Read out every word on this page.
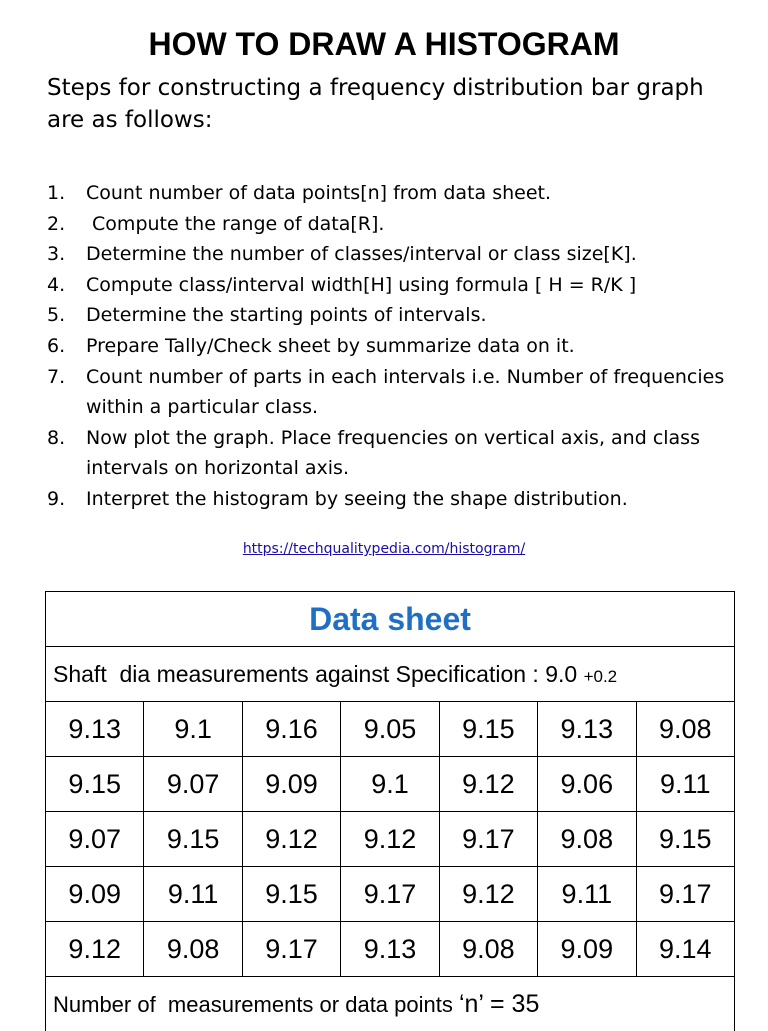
HOW TO DRAW A HISTOGRAM
Steps for constructing a frequency distribution bar graph are as follows:
1.	Count number of data points[n] from data sheet.
2.	Compute the range of data[R].
3.	Determine the number of classes/interval or class size[K].
4.	Compute class/interval width[H] using formula [ H = R/K ]
5.	Determine the starting points of intervals.
6.	Prepare Tally/Check sheet by summarize data on it.
7.	Count number of parts in each intervals i.e. Number of frequencies within a particular class.
8.	Now plot the graph. Place frequencies on vertical axis, and class intervals on horizontal axis.
9.	Interpret the histogram by seeing the shape distribution.
https://techqualitypedia.com/histogram/
Data sheet						
Shaft  dia measurements against Specification : 9.0 +0.2						
9.13	9.1	9.16	9.05	9.15	9.13	9.08
9.15	9.07	9.09	9.1	9.12	9.06	9.11
9.07	9.15	9.12	9.12	9.17	9.08	9.15
9.09	9.11	9.15	9.17	9.12	9.11	9.17
9.12	9.08	9.17	9.13	9.08	9.09	9.14
Number of  measurements or data points ‘n’ = 35						
